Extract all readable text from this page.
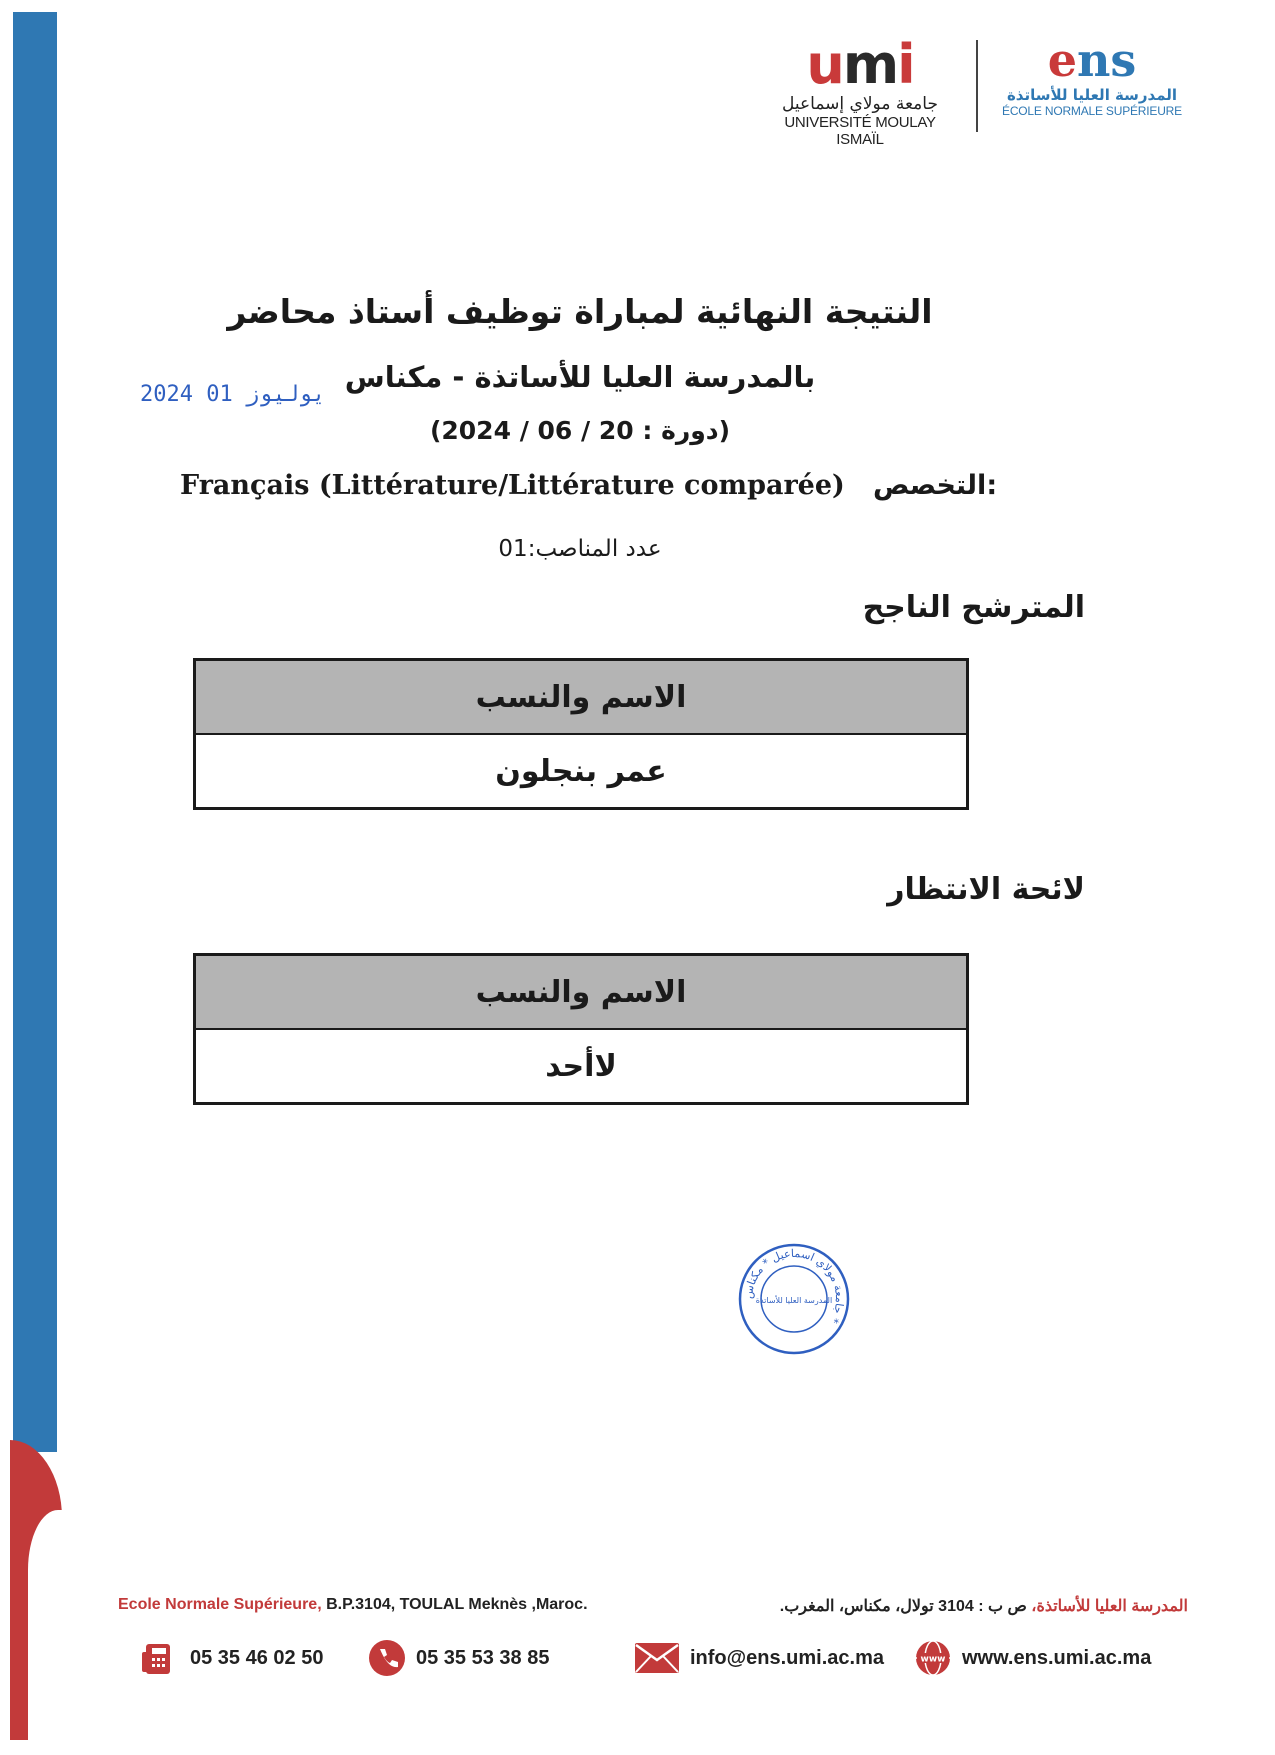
umi
جامعة مولاي إسماعيل
UNIVERSITÉ MOULAY ISMAÏL
ens
المدرسة العليا للأساتذة
ÉCOLE NORMALE SUPÉRIEURE
2024 يوليوز 01
النتيجة النهائية لمباراة توظيف أستاذ محاضر
بالمدرسة العليا للأساتذة - مكناس
(دورة : 20 / 06 / 2024)
Français (Littérature/Littérature comparée) التخصص:
عدد المناصب:01
المترشح الناجح
الاسم والنسب
عمر بنجلون
لائحة الانتظار
الاسم والنسب
لاأحد
جامعة مولاي اسماعيل * مكناس *
المدرسة العليا للأساتذة
Ecole Normale Supérieure, B.P.3104, TOULAL Meknès ,Maroc.	المدرسة العليا للأساتذة، ص ب : 3104 تولال، مكناس، المغرب.
05 35 46 02 50	05 35 53 38 85	info@ens.umi.ac.ma	www www.ens.umi.ac.ma
